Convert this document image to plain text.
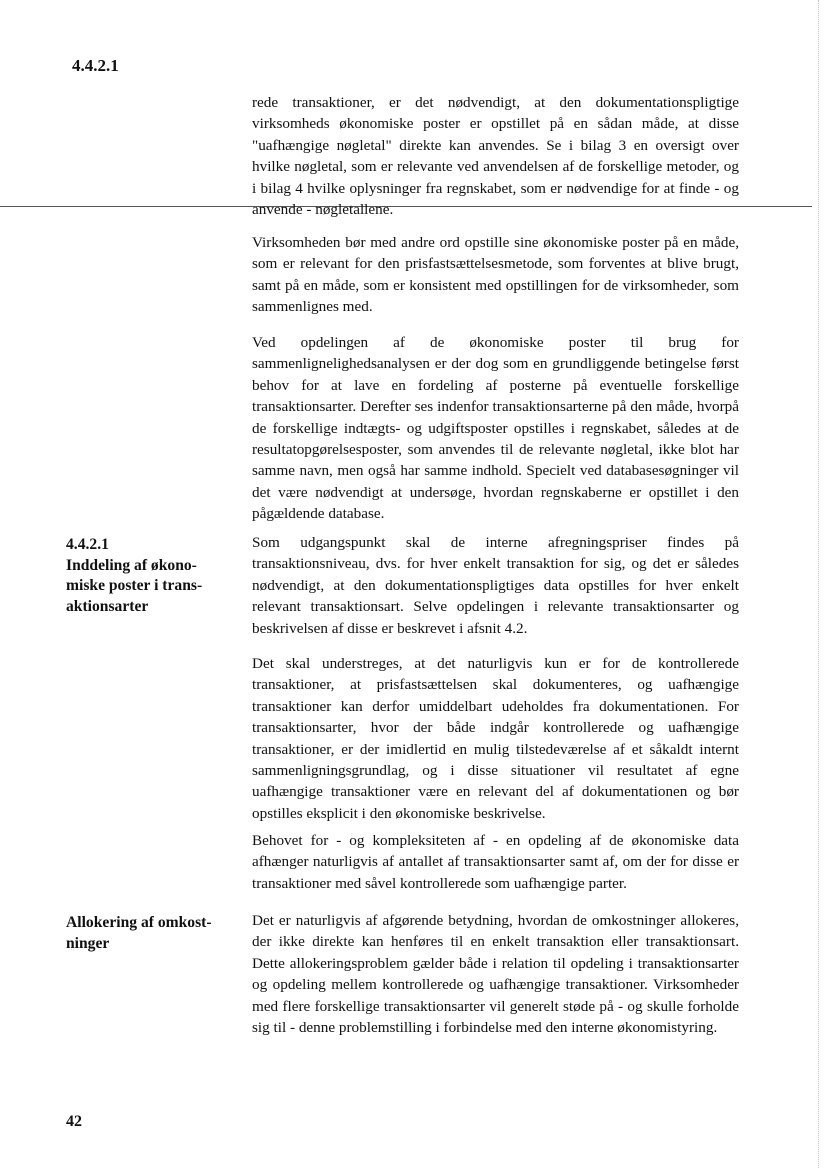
4.4.2.1
rede transaktioner, er det nødvendigt, at den dokumentationspligtige virksomheds økonomiske poster er opstillet på en sådan måde, at disse "uafhængige nøgletal" direkte kan anvendes. Se i bilag 3 en oversigt over hvilke nøgletal, som er relevante ved anvendelsen af de forskellige metoder, og i bilag 4 hvilke oplysninger fra regnskabet, som er nødvendige for at finde - og anvende - nøgletallene.
Virksomheden bør med andre ord opstille sine økonomiske poster på en måde, som er relevant for den prisfastsættelsesmetode, som forventes at blive brugt, samt på en måde, som er konsistent med opstillingen for de virksomheder, som sammenlignes med.
Ved opdelingen af de økonomiske poster til brug for sammenlignelighedsanalysen er der dog som en grundliggende betingelse først behov for at lave en fordeling af posterne på eventuelle forskellige transaktionsarter. Derefter ses indenfor transaktionsarterne på den måde, hvorpå de forskellige indtægts- og udgiftsposter opstilles i regnskabet, således at de resultatopgørelsesposter, som anvendes til de relevante nøgletal, ikke blot har samme navn, men også har samme indhold. Specielt ved databasesøgninger vil det være nødvendigt at undersøge, hvordan regnskaberne er opstillet i den pågældende database.
Som udgangspunkt skal de interne afregningspriser findes på transaktionsniveau, dvs. for hver enkelt transaktion for sig, og det er således nødvendigt, at den dokumentationspligtiges data opstilles for hver enkelt relevant transaktionsart. Selve opdelingen i relevante transaktionsarter og beskrivelsen af disse er beskrevet i afsnit 4.2.
Det skal understreges, at det naturligvis kun er for de kontrollerede transaktioner, at prisfastsættelsen skal dokumenteres, og uafhængige transaktioner kan derfor umiddelbart udeholdes fra dokumentationen. For transaktionsarter, hvor der både indgår kontrollerede og uafhængige transaktioner, er der imidlertid en mulig tilstedeværelse af et såkaldt internt sammenligningsgrundlag, og i disse situationer vil resultatet af egne uafhængige transaktioner være en relevant del af dokumentationen og bør opstilles eksplicit i den økonomiske beskrivelse.
Behovet for - og kompleksiteten af - en opdeling af de økonomiske data afhænger naturligvis af antallet af transaktionsarter samt af, om der for disse er transaktioner med såvel kontrollerede som uafhængige parter.
Det er naturligvis af afgørende betydning, hvordan de omkostninger allokeres, der ikke direkte kan henføres til en enkelt transaktion eller transaktionsart. Dette allokeringsproblem gælder både i relation til opdeling i transaktionsarter og opdeling mellem kontrollerede og uafhængige transaktioner. Virksomheder med flere forskellige transaktionsarter vil generelt støde på - og skulle forholde sig til - denne problemstilling i forbindelse med den interne økonomistyring.
4.4.2.1
Inddeling af økono-
miske poster i trans-
aktionsarter
Allokering af omkost-
ninger
42
